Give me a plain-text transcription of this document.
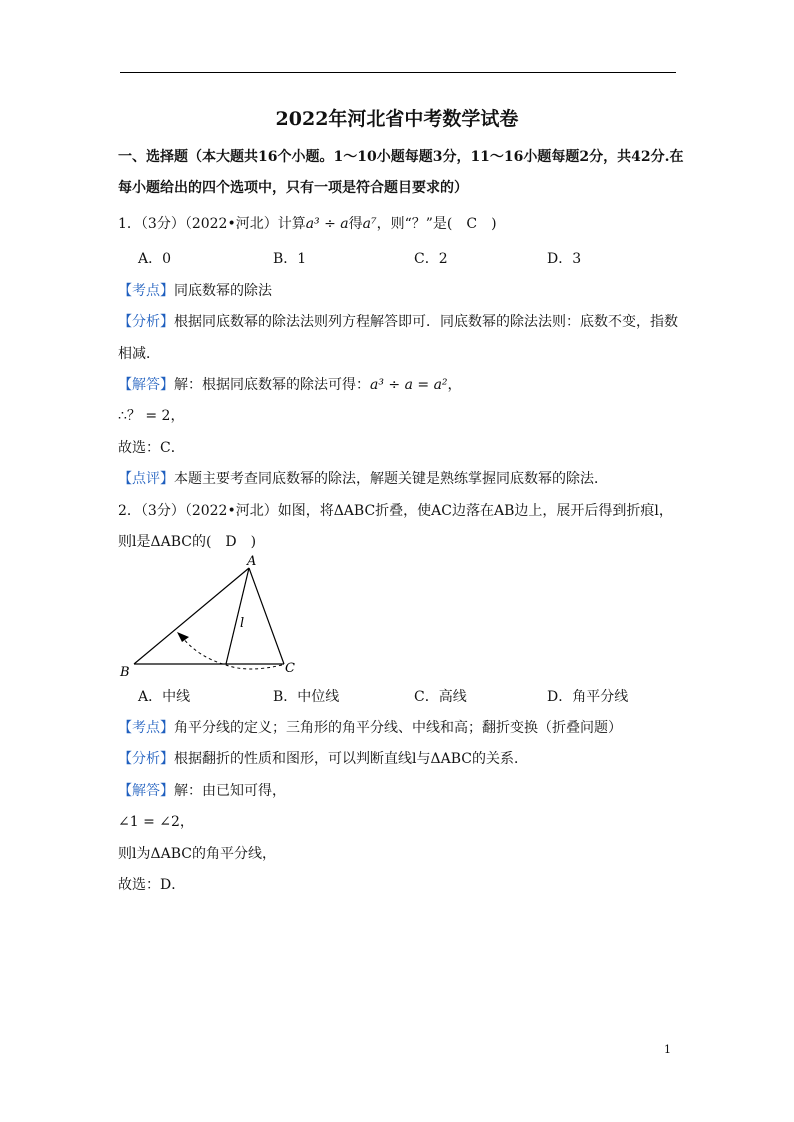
2022年河北省中考数学试卷
一、选择题（本大题共16个小题。1～10小题每题3分，11～16小题每题2分，共42分.在
每小题给出的四个选项中，只有一项是符合题目要求的）
1．（3分）（2022•河北）计算a³ ÷ a得a⁷，则“？”是(　C　)
A．0	B．1	C．2	D．3
【考点】同底数幂的除法
【分析】根据同底数幂的除法法则列方程解答即可．同底数幂的除法法则：底数不变，指数
相减．
【解答】解：根据同底数幂的除法可得：a³ ÷ a = a²，
∴？ = 2，
故选：C．
【点评】本题主要考查同底数幂的除法，解题关键是熟练掌握同底数幂的除法．
2．（3分）（2022•河北）如图，将ΔABC折叠，使AC边落在AB边上，展开后得到折痕l，
则l是ΔABC的(　D　)
A
B	C
l
A．中线	B．中位线	C．高线	D．角平分线
【考点】角平分线的定义；三角形的角平分线、中线和高；翻折变换（折叠问题）
【分析】根据翻折的性质和图形，可以判断直线l与ΔABC的关系．
【解答】解：由已知可得，
∠1 = ∠2，
则l为ΔABC的角平分线，
故选：D．
1
